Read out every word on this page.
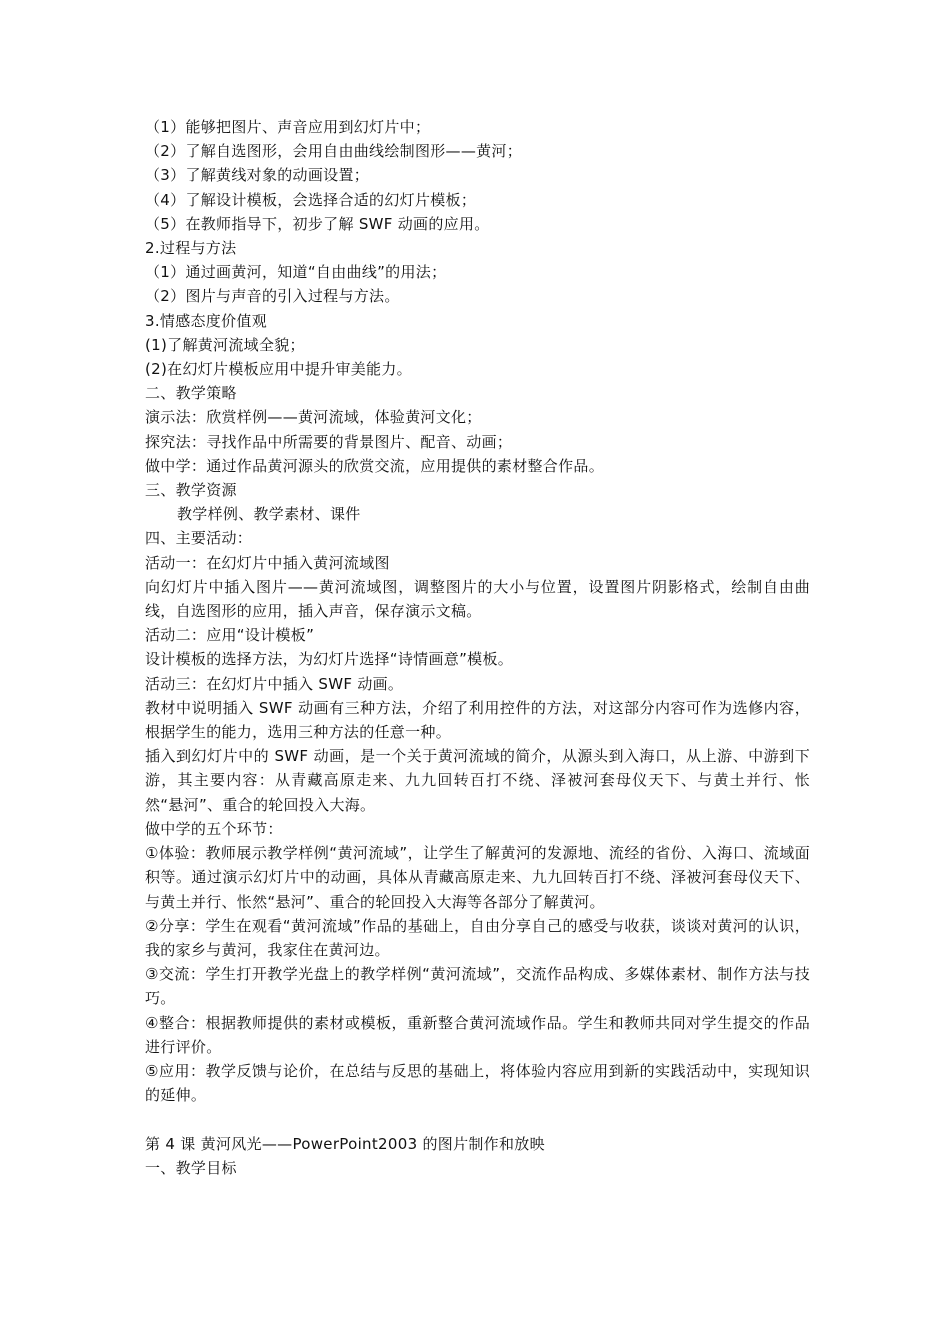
（1）能够把图片、声音应用到幻灯片中；
（2）了解自选图形，会用自由曲线绘制图形——黄河；
（3）了解黄线对象的动画设置；
（4）了解设计模板，会选择合适的幻灯片模板；
（5）在教师指导下，初步了解 SWF 动画的应用。
2.过程与方法
（1）通过画黄河，知道“自由曲线”的用法；
（2）图片与声音的引入过程与方法。
3.情感态度价值观
(1)了解黄河流域全貌；
(2)在幻灯片模板应用中提升审美能力。
二、教学策略
演示法：欣赏样例——黄河流域，体验黄河文化；
探究法：寻找作品中所需要的背景图片、配音、动画；
做中学：通过作品黄河源头的欣赏交流，应用提供的素材整合作品。
三、教学资源
教学样例、教学素材、课件
四、主要活动：
活动一：在幻灯片中插入黄河流域图
向幻灯片中插入图片——黄河流域图，调整图片的大小与位置，设置图片阴影格式，绘制自由曲线，自选图形的应用，插入声音，保存演示文稿。
活动二：应用“设计模板”
设计模板的选择方法，为幻灯片选择“诗情画意”模板。
活动三：在幻灯片中插入 SWF 动画。
教材中说明插入 SWF 动画有三种方法，介绍了利用控件的方法，对这部分内容可作为选修内容，根据学生的能力，选用三种方法的任意一种。
插入到幻灯片中的 SWF 动画，是一个关于黄河流域的简介，从源头到入海口，从上游、中游到下游，其主要内容：从青藏高原走来、九九回转百打不绕、泽被河套母仪天下、与黄土并行、怅然“悬河”、重合的轮回投入大海。
做中学的五个环节：
①体验：教师展示教学样例“黄河流域”，让学生了解黄河的发源地、流经的省份、入海口、流域面积等。通过演示幻灯片中的动画，具体从青藏高原走来、九九回转百打不绕、泽被河套母仪天下、与黄土并行、怅然“悬河”、重合的轮回投入大海等各部分了解黄河。
②分享：学生在观看“黄河流域”作品的基础上，自由分享自己的感受与收获，谈谈对黄河的认识，我的家乡与黄河，我家住在黄河边。
③交流：学生打开教学光盘上的教学样例“黄河流域”，交流作品构成、多媒体素材、制作方法与技巧。
④整合：根据教师提供的素材或模板，重新整合黄河流域作品。学生和教师共同对学生提交的作品进行评价。
⑤应用：教学反馈与论价，在总结与反思的基础上，将体验内容应用到新的实践活动中，实现知识的延伸。
第 4 课 黄河风光——PowerPoint2003 的图片制作和放映
一、教学目标
